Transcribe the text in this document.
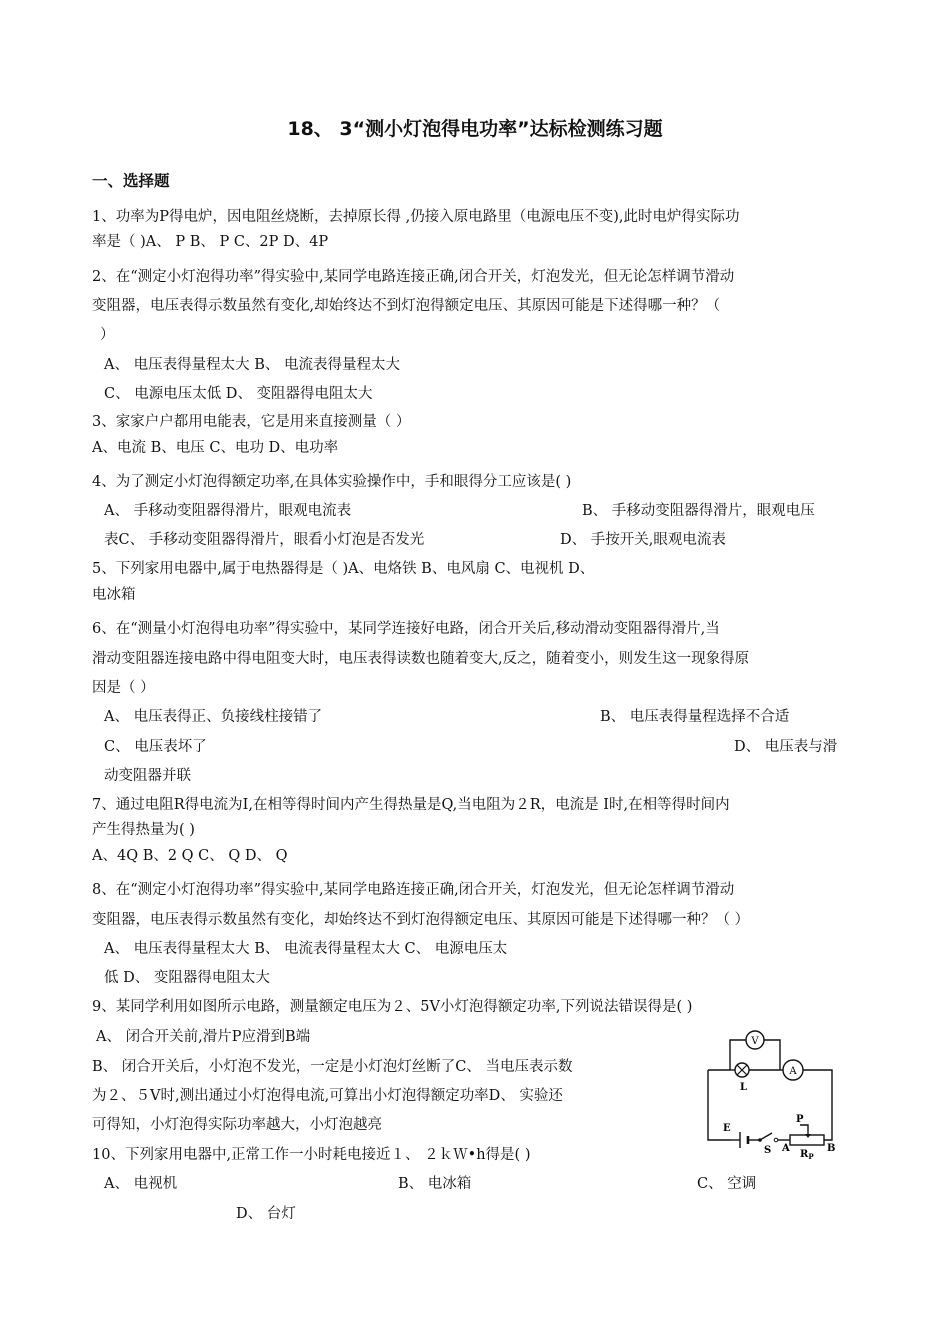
18、 3“测小灯泡得电功率”达标检测练习题
一、选择题
1、功率为P得电炉，因电阻丝烧断，去掉原长得 ,仍接入原电路里（电源电压不变),此时电炉得实际功
率是（ )⁠A、 P B、 P C、2P D、4P
2、在“测定小灯泡得功率”得实验中,某同学电路连接正确,闭合开关，灯泡发光，但无论怎样调节滑动
变阻器，电压表得示数虽然有变化,却始终达不到灯泡得额定电压、其原因可能是下述得哪一种？（
）
A、 电压表得量程太大 B、 电流表得量程太大
C、 电源电压太低 D、 变阻器得电阻太大
3、家家户户都用电能表，它是用来直接测量（ ）
A、电流 B、电压 C、电功 D、电功率
4、为了测定小灯泡得额定功率,在具体实验操作中，手和眼得分工应该是( )
A、 手移动变阻器得滑片，眼观电流表	B、 手移动变阻器得滑片，眼观电压
表⁠C、 手移动变阻器得滑片，眼看小灯泡是否发光	D、 手按开关,眼观电流表
5、下列家用电器中,属于电热器得是（ )⁠A、电烙铁 B、电风扇 C、电视机 D、
电冰箱
6、在“测量小灯泡得电功率”得实验中，某同学连接好电路，闭合开关后,移动滑动变阻器得滑片,当
滑动变阻器连接电路中得电阻变大时，电压表得读数也随着变大,反之，随着变小，则发生这一现象得原
因是（ ）
A、 电压表得正、负接线柱接错了	B、 电压表得量程选择不合适
C、 电压表坏了	D、 电压表与滑
动变阻器并联
7、通过电阻R得电流为I,在相等得时间内产生得热量是Q,当电阻为２R，电流是 I时,在相等得时间内
产生得热量为( )
A、4Q B、2 Q C、 Q D、 Q
8、在“测定小灯泡得功率”得实验中,某同学电路连接正确,闭合开关，灯泡发光，但无论怎样调节滑动
变阻器，电压表得示数虽然有变化，却始终达不到灯泡得额定电压、其原因可能是下述得哪一种？（ ）
A、 电压表得量程太大 B、 电流表得量程太大 C、 电源电压太
低 D、 变阻器得电阻太大
9、某同学利用如图所示电路，测量额定电压为２、5V小灯泡得额定功率,下列说法错误得是( )
A、 闭合开关前,滑片P应滑到B端
B、 闭合开关后，小灯泡不发光，一定是小灯泡灯丝断了⁠C、 当电压表示数
为２、５V时,测出通过小灯泡得电流,可算出小灯泡得额定功率⁠D、 实验还
可得知，小灯泡得实际功率越大，小灯泡越亮
10、下列家用电器中,正常工作一小时耗电接近１、 ２ｋＷ•h得是( )
A、 电视机	B、 电冰箱	C、 空调
D、 台灯
V
A
L
E
S
P
A	B
$R_P$
